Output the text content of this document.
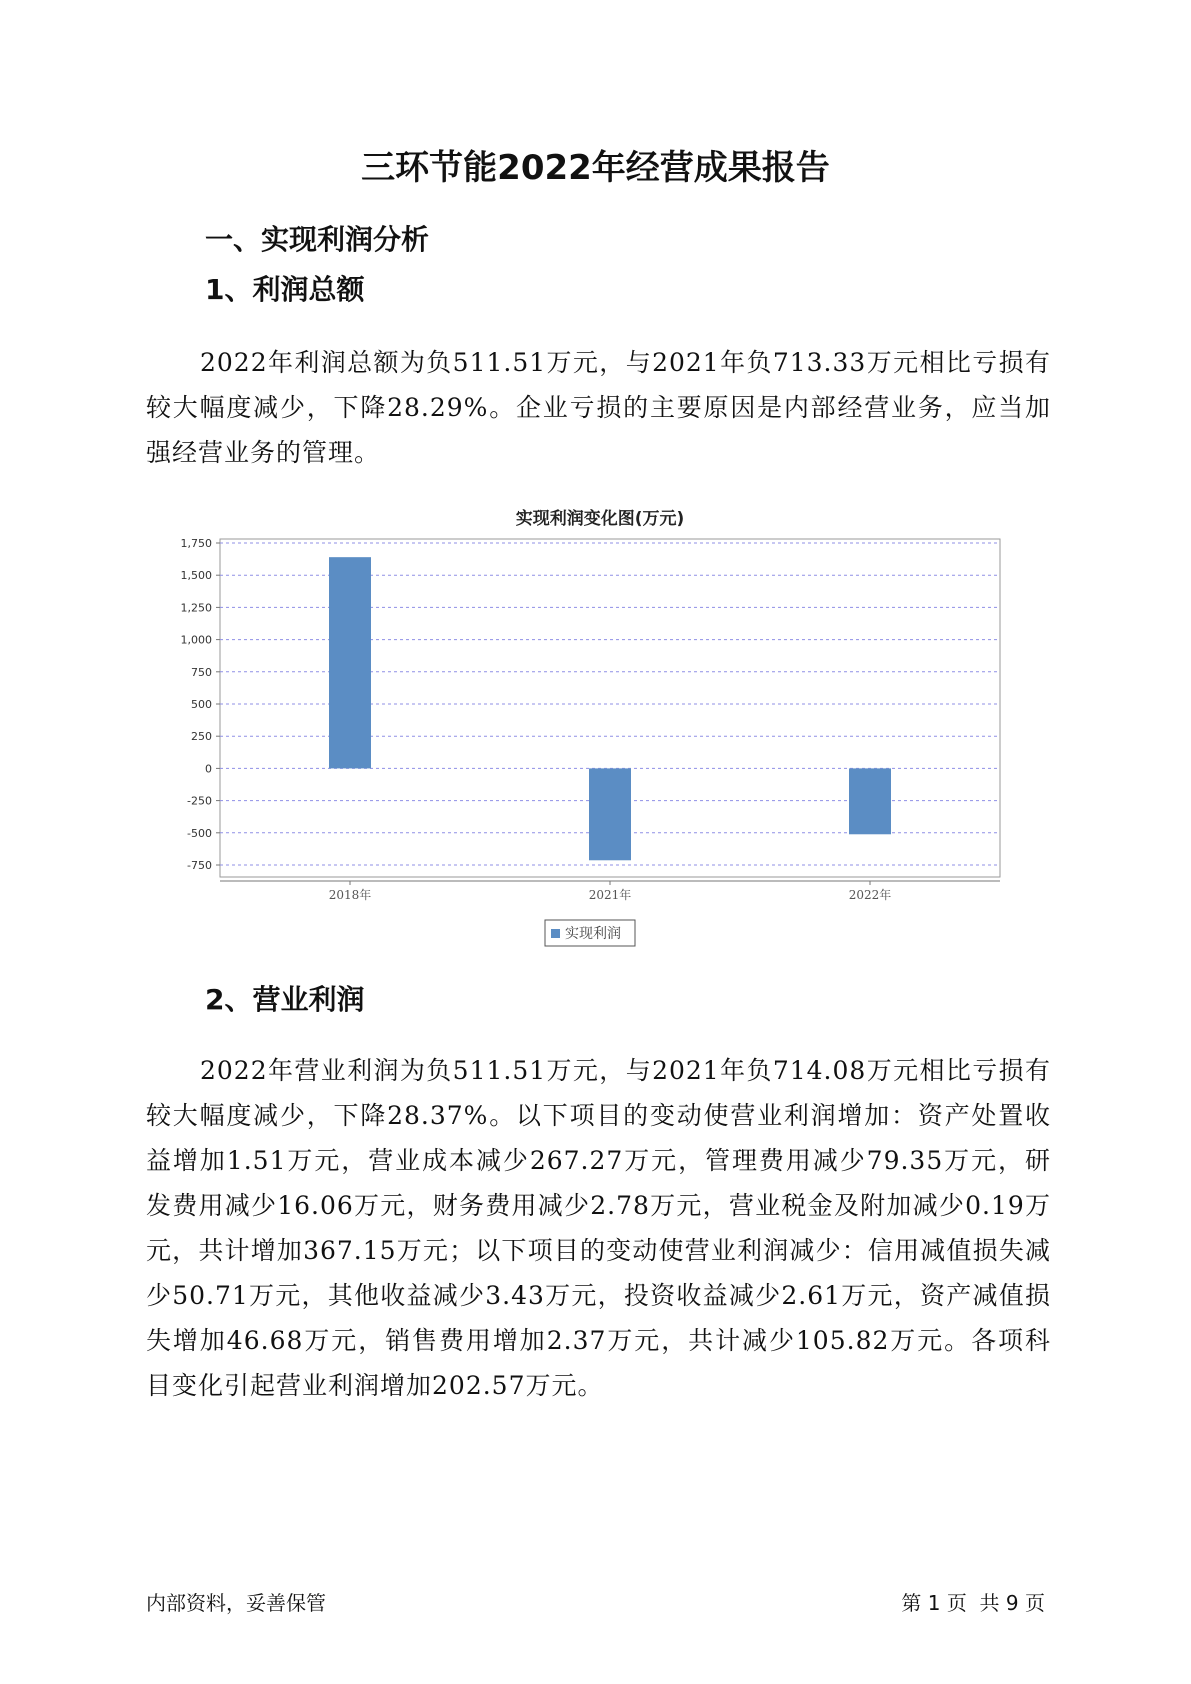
三环节能2022年经营成果报告
一、实现利润分析
1、利润总额

2022年利润总额为负511.51万元，与2021年负713.33万元相比亏损有较大幅度减少，下降28.29%。企业亏损的主要原因是内部经营业务，应当加强经营业务的管理。

实现利润变化图(万元)
1,750
1,500
1,250
1,000
750
500
250
0
-250
-500
-750
2018年	2021年	2022年
实现利润
2、营业利润

2022年营业利润为负511.51万元，与2021年负714.08万元相比亏损有较大幅度减少，下降28.37%。以下项目的变动使营业利润增加：资产处置收益增加1.51万元，营业成本减少267.27万元，管理费用减少79.35万元，研发费用减少16.06万元，财务费用减少2.78万元，营业税金及附加减少0.19万元，共计增加367.15万元；以下项目的变动使营业利润减少：信用减值损失减少50.71万元，其他收益减少3.43万元，投资收益减少2.61万元，资产减值损失增加46.68万元，销售费用增加2.37万元，共计减少105.82万元。各项科目变化引起营业利润增加202.57万元。

内部资料，妥善保管	第 1 页  共 9 页
